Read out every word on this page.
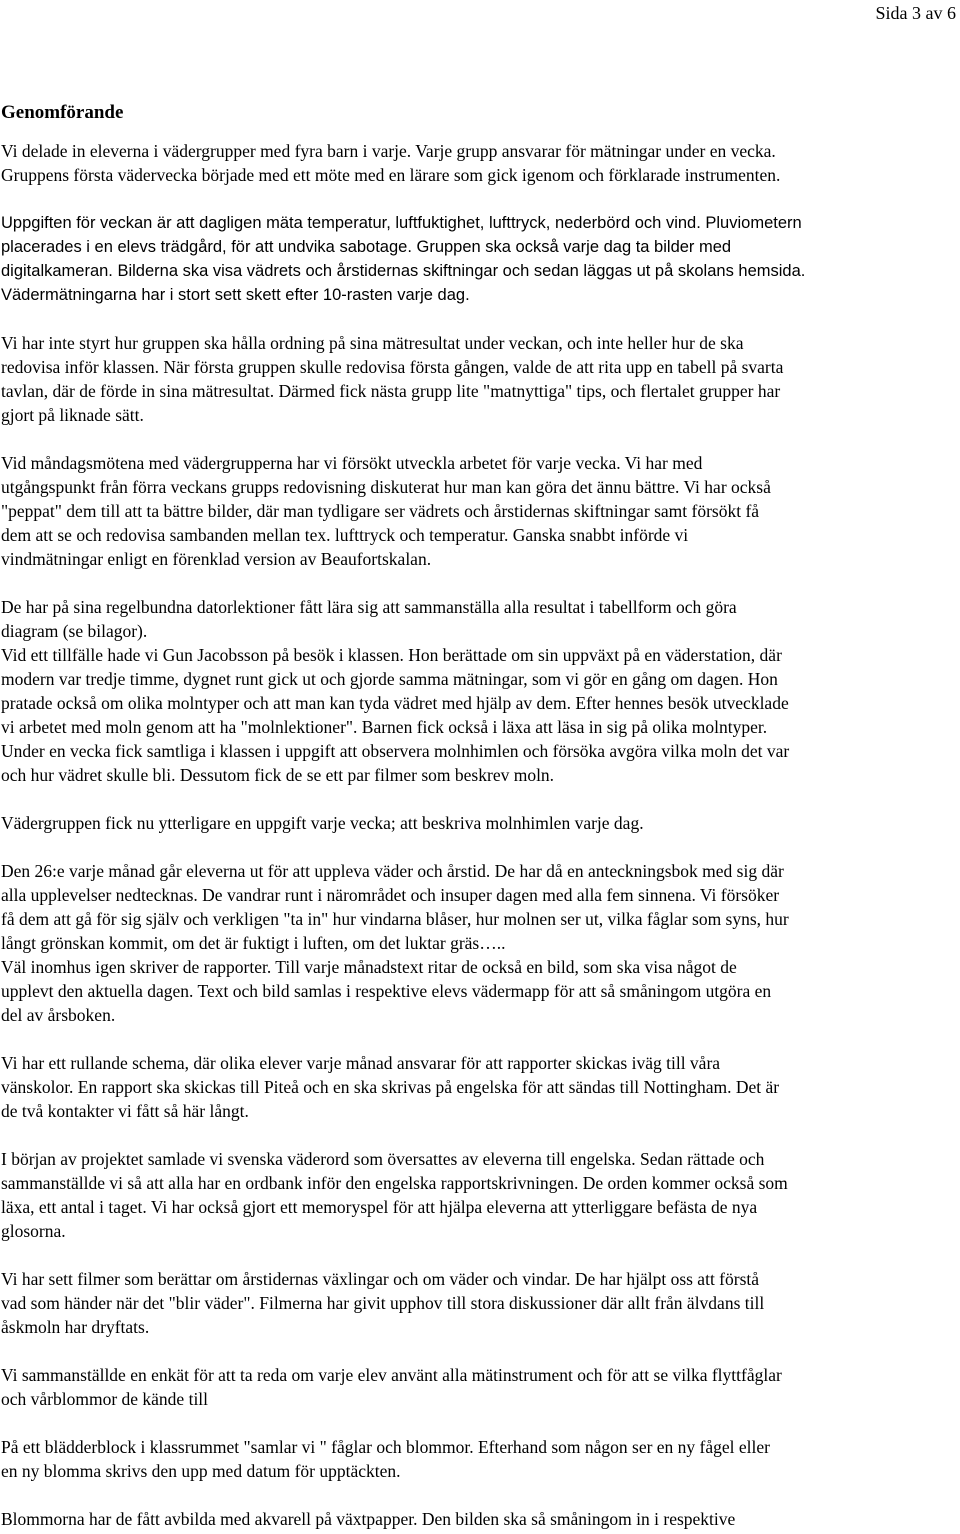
Sida 3 av 6
Genomförande
Vi delade in eleverna i vädergrupper med fyra barn i varje. Varje grupp ansvarar för mätningar under en vecka.
Gruppens första vädervecka började med ett möte med en lärare som gick igenom och förklarade instrumenten.
Uppgiften för veckan är att dagligen mäta temperatur, luftfuktighet, lufttryck, nederbörd och vind. Pluviometern
placerades i en elevs trädgård, för att undvika sabotage. Gruppen ska också varje dag ta bilder med
digitalkameran. Bilderna ska visa vädrets och årstidernas skiftningar och sedan läggas ut på skolans hemsida.
Vädermätningarna har i stort sett skett efter 10-rasten varje dag.
Vi har inte styrt hur gruppen ska hålla ordning på sina mätresultat under veckan, och inte heller hur de ska
redovisa inför klassen. När första gruppen skulle redovisa första gången, valde de att rita upp en tabell på svarta
tavlan, där de förde in sina mätresultat. Därmed fick nästa grupp lite "matnyttiga" tips, och flertalet grupper har
gjort på liknade sätt.
Vid måndagsmötena med vädergrupperna har vi försökt utveckla arbetet för varje vecka. Vi har med
utgångspunkt från förra veckans grupps redovisning diskuterat hur man kan göra det ännu bättre. Vi har också
"peppat" dem till att ta bättre bilder, där man tydligare ser vädrets och årstidernas skiftningar samt försökt få
dem att se och redovisa sambanden mellan tex. lufttryck och temperatur. Ganska snabbt införde vi
vindmätningar enligt en förenklad version av Beaufortskalan.
De har på sina regelbundna datorlektioner fått lära sig att sammanställa alla resultat i tabellform och göra
diagram (se bilagor).
Vid ett tillfälle hade vi Gun Jacobsson på besök i klassen. Hon berättade om sin uppväxt på en väderstation, där
modern var tredje timme, dygnet runt gick ut och gjorde samma mätningar, som vi gör en gång om dagen. Hon
pratade också om olika molntyper och att man kan tyda vädret med hjälp av dem. Efter hennes besök utvecklade
vi arbetet med moln genom att ha "molnlektioner". Barnen fick också i läxa att läsa in sig på olika molntyper.
Under en vecka fick samtliga i klassen i uppgift att observera molnhimlen och försöka avgöra vilka moln det var
och hur vädret skulle bli. Dessutom fick de se ett par filmer som beskrev moln.
Vädergruppen fick nu ytterligare en uppgift varje vecka; att beskriva molnhimlen varje dag.
Den 26:e varje månad går eleverna ut för att uppleva väder och årstid. De har då en anteckningsbok med sig där
alla upplevelser nedtecknas. De vandrar runt i närområdet och insuper dagen med alla fem sinnena. Vi försöker
få dem att gå för sig själv och verkligen "ta in" hur vindarna blåser, hur molnen ser ut, vilka fåglar som syns, hur
långt grönskan kommit, om det är fuktigt i luften, om det luktar gräs…..
Väl inomhus igen skriver de rapporter. Till varje månadstext ritar de också en bild, som ska visa något de
upplevt den aktuella dagen. Text och bild samlas i respektive elevs vädermapp för att så småningom utgöra en
del av årsboken.
Vi har ett rullande schema, där olika elever varje månad ansvarar för att rapporter skickas iväg till våra
vänskolor. En rapport ska skickas till Piteå och en ska skrivas på engelska för att sändas till Nottingham. Det är
de två kontakter vi fått så här långt.
I början av projektet samlade vi svenska väderord som översattes av eleverna till engelska. Sedan rättade och
sammanställde vi så att alla har en ordbank inför den engelska rapportskrivningen. De orden kommer också som
läxa, ett antal i taget. Vi har också gjort ett memoryspel för att hjälpa eleverna att ytterliggare befästa de nya
glosorna.
Vi har sett filmer som berättar om årstidernas växlingar och om väder och vindar. De har hjälpt oss att förstå
vad som händer när det "blir väder". Filmerna har givit upphov till stora diskussioner där allt från älvdans till
åskmoln har dryftats.
Vi sammanställde en enkät för att ta reda om varje elev använt alla mätinstrument och för att se vilka flyttfåglar
och vårblommor de kände till
På ett blädderblock i klassrummet "samlar vi " fåglar och blommor. Efterhand som någon ser en ny fågel eller
en ny blomma skrivs den upp med datum för upptäckten.
Blommorna har de fått avbilda med akvarell på växtpapper. Den bilden ska så småningom in i respektive
